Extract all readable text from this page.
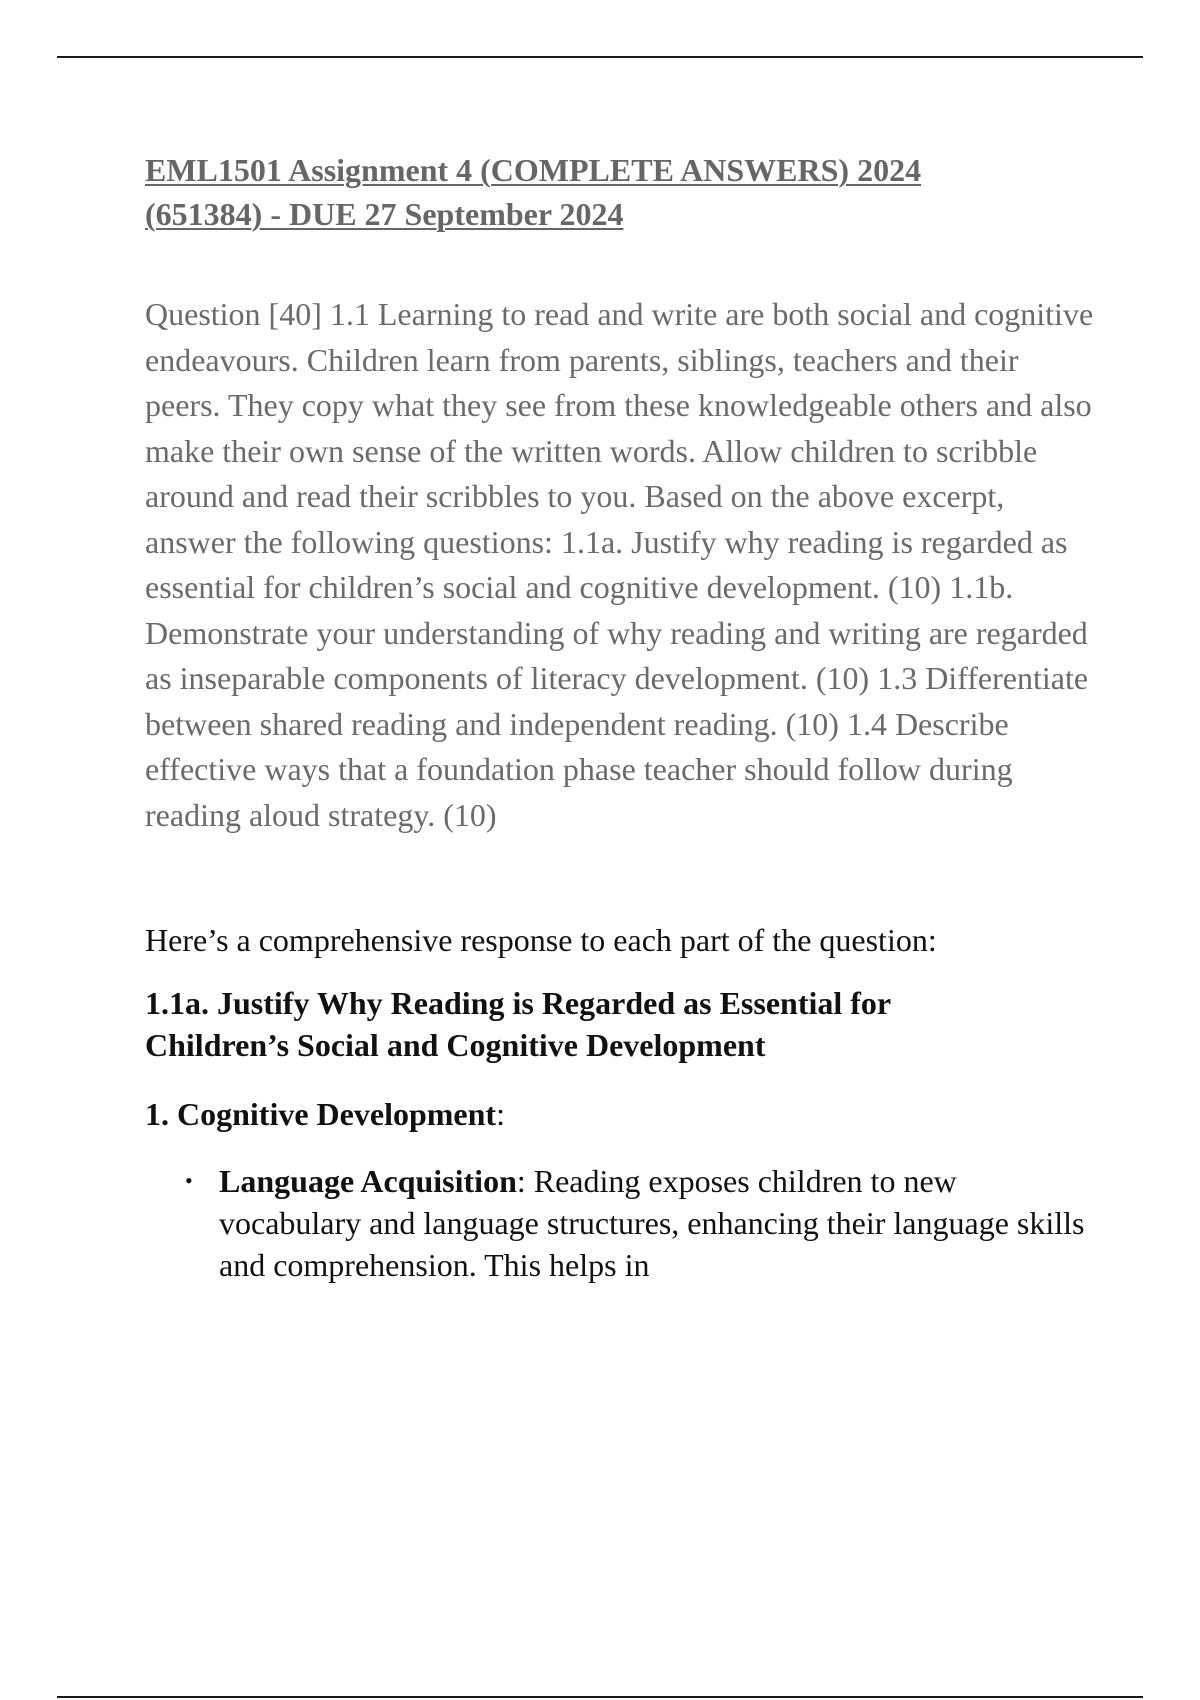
EML1501 Assignment 4 (COMPLETE ANSWERS) 2024
(651384) - DUE 27 September 2024

Question [40] 1.1 Learning to read and write are both social and cognitive endeavours. Children learn from parents, siblings, teachers and their peers. They copy what they see from these knowledgeable others and also make their own sense of the written words. Allow children to scribble around and read their scribbles to you. Based on the above excerpt, answer the following questions: 1.1a. Justify why reading is regarded as essential for children’s social and cognitive development. (10) 1.1b. Demonstrate your understanding of why reading and writing are regarded as inseparable components of literacy development. (10) 1.3 Differentiate between shared reading and independent reading. (10) 1.4 Describe effective ways that a foundation phase teacher should follow during reading aloud strategy. (10)

Here’s a comprehensive response to each part of the question:

1.1a. Justify Why Reading is Regarded as Essential for
Children’s Social and Cognitive Development

1. Cognitive Development:

• Language Acquisition: Reading exposes children to new vocabulary and language structures, enhancing their language skills and comprehension. This helps in
